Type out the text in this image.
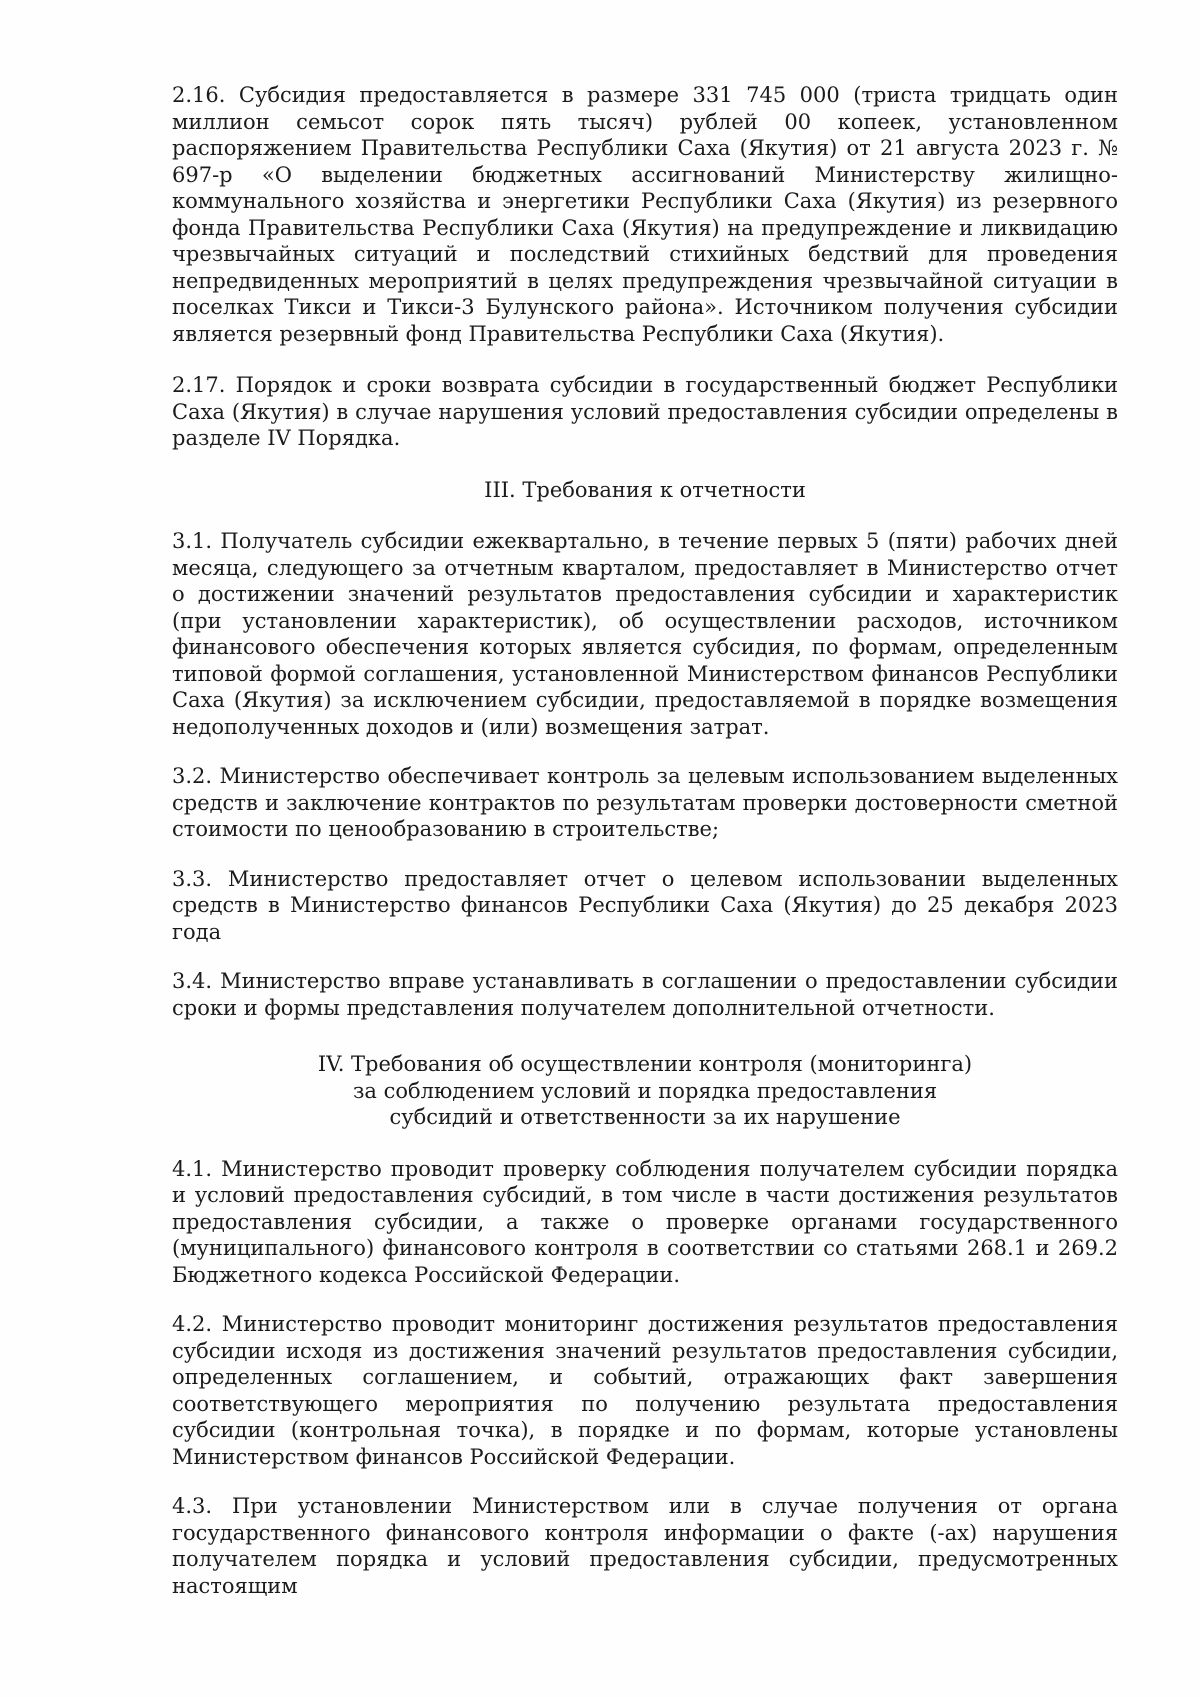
2.16. Субсидия предоставляется в размере 331 745 000 (триста тридцать один миллион семьсот сорок пять тысяч) рублей 00 копеек, установленном распоряжением Правительства Республики Саха (Якутия) от 21 августа 2023 г. № 697-р «О выделении бюджетных ассигнований Министерству жилищно-коммунального хозяйства и энергетики Республики Саха (Якутия) из резервного фонда Правительства Республики Саха (Якутия) на предупреждение и ликвидацию чрезвычайных ситуаций и последствий стихийных бедствий для проведения непредвиденных мероприятий в целях предупреждения чрезвычайной ситуации в поселках Тикси и Тикси-3 Булунского района». Источником получения субсидии является резервный фонд Правительства Республики Саха (Якутия).

2.17. Порядок и сроки возврата субсидии в государственный бюджет Республики Саха (Якутия) в случае нарушения условий предоставления субсидии определены в разделе IV Порядка.

III. Требования к отчетности

3.1. Получатель субсидии ежеквартально, в течение первых 5 (пяти) рабочих дней месяца, следующего за отчетным кварталом, предоставляет в Министерство отчет о достижении значений результатов предоставления субсидии и характеристик (при установлении характеристик), об осуществлении расходов, источником финансового обеспечения которых является субсидия, по формам, определенным типовой формой соглашения, установленной Министерством финансов Республики Саха (Якутия) за исключением субсидии, предоставляемой в порядке возмещения недополученных доходов и (или) возмещения затрат.

3.2. Министерство обеспечивает контроль за целевым использованием выделенных средств и заключение контрактов по результатам проверки достоверности сметной стоимости по ценообразованию в строительстве;

3.3. Министерство предоставляет отчет о целевом использовании выделенных средств в Министерство финансов Республики Саха (Якутия) до 25 декабря 2023 года

3.4. Министерство вправе устанавливать в соглашении о предоставлении субсидии сроки и формы представления получателем дополнительной отчетности.

IV. Требования об осуществлении контроля (мониторинга)
за соблюдением условий и порядка предоставления
субсидий и ответственности за их нарушение

4.1. Министерство проводит проверку соблюдения получателем субсидии порядка и условий предоставления субсидий, в том числе в части достижения результатов предоставления субсидии, а также о проверке органами государственного (муниципального) финансового контроля в соответствии со статьями 268.1 и 269.2 Бюджетного кодекса Российской Федерации.

4.2. Министерство проводит мониторинг достижения результатов предоставления субсидии исходя из достижения значений результатов предоставления субсидии, определенных соглашением, и событий, отражающих факт завершения соответствующего мероприятия по получению результата предоставления субсидии (контрольная точка), в порядке и по формам, которые установлены Министерством финансов Российской Федерации.

4.3. При установлении Министерством или в случае получения от органа государственного финансового контроля информации о факте (-ах) нарушения получателем порядка и условий предоставления субсидии, предусмотренных настоящим
